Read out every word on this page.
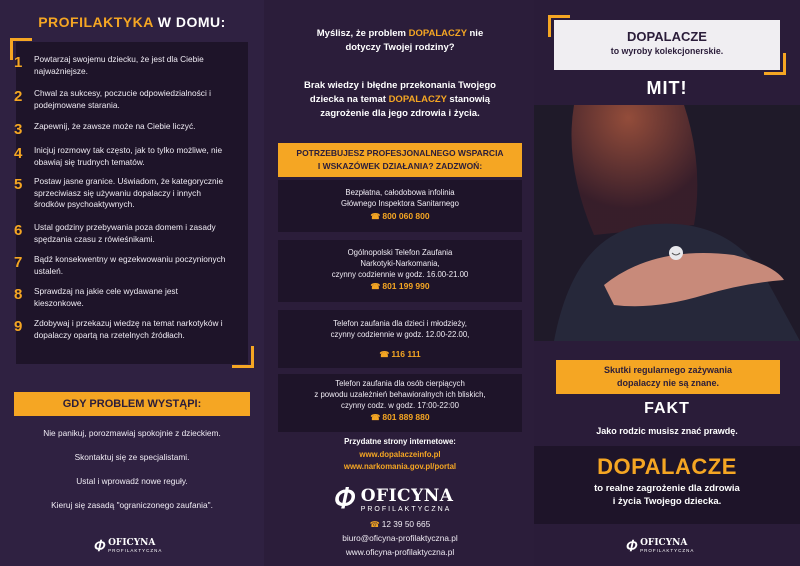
PROFILAKTYKA W DOMU:
1	Powtarzaj swojemu dziecku, że jest dla Ciebie najważniejsze.
2	Chwal za sukcesy, poczucie odpowiedzialności i podejmowane starania.
3	Zapewnij, że zawsze może na Ciebie liczyć.
4	Inicjuj rozmowy tak często, jak to tylko możliwe, nie obawiaj się trudnych tematów.
5	Postaw jasne granice. Uświadom, że kategorycznie sprzeciwiasz się używaniu dopalaczy i innych środków psychoaktywnych.
6	Ustal godziny przebywania poza domem i zasady spędzania czasu z rówieśnikami.
7	Bądź konsekwentny w egzekwowaniu poczynionych ustaleń.
8	Sprawdzaj na jakie cele wydawane jest kieszonkowe.
9	Zdobywaj i przekazuj wiedzę na temat narkotyków i dopalaczy opartą na rzetelnych źródłach.
GDY PROBLEM WYSTĄPI:
Nie panikuj, porozmawiaj spokojnie z dzieckiem.
Skontaktuj się ze specjalistami.
Ustal i wprowadź nowe reguły.
Kieruj się zasadą "ograniczonego zaufania".
𝛷 OFICYNA
PROFILAKTYCZNA
Myślisz, że problem DOPALACZY nie
dotyczy Twojej rodziny?
Brak wiedzy i błędne przekonania Twojego
dziecka na temat DOPALACZY stanowią
zagrożenie dla jego zdrowia i życia.
POTRZEBUJESZ PROFESJONALNEGO WSPARCIA
I WSKAZÓWEK DZIAŁANIA? ZADZWOŃ:
Bezpłatna, całodobowa infolinia
Głównego Inspektora Sanitarnego
☎ 800 060 800
Ogólnopolski Telefon Zaufania
Narkotyki-Narkomania,
czynny codziennie w godz. 16.00-21.00
☎ 801 199 990
Telefon zaufania dla dzieci i młodzieży,
czynny codziennie w godz. 12.00-22.00,
☎ 116 111
Telefon zaufania dla osób cierpiących
z powodu uzależnień behawioralnych ich bliskich,
czynny codz. w godz. 17:00-22:00
☎ 801 889 880
Przydatne strony internetowe:
www.dopalaczeinfo.pl
www.narkomania.gov.pl/portal
𝛷 OFICYNA
PROFILAKTYCZNA
☎ 12 39 50 665
biuro@oficyna-profilaktyczna.pl
www.oficyna-profilaktyczna.pl
DOPALACZE
to wyroby kolekcjonerskie.
MIT!
Skutki regularnego zażywania
dopalaczy nie są znane.
FAKT
Jako rodzic musisz znać prawdę.
DOPALACZE
to realne zagrożenie dla zdrowia
i życia Twojego dziecka.
𝛷 OFICYNA
PROFILAKTYCZNA
